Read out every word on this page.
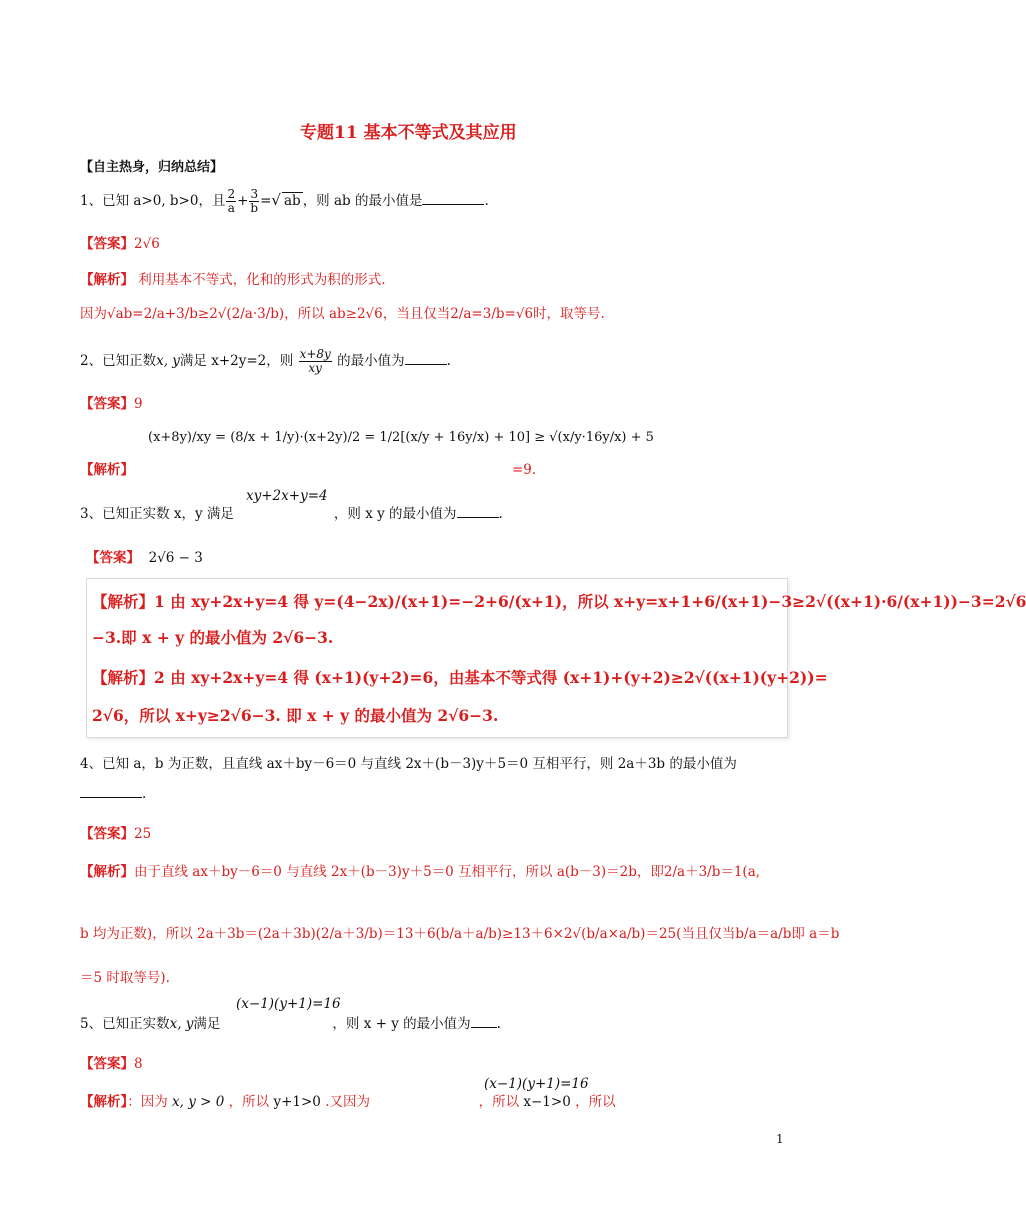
专题11 基本不等式及其应用
【自主热身，归纳总结】
1、已知 a>0, b>0，且 $\frac{2}{a} + \frac{3}{b}$ =√ ab ，则 ab 的最小值是	.
【答案】2√6
【解析】 利用基本不等式，化和的形式为积的形式.
因为√ab=2/a+3/b≥2√(2/a·3/b)，所以 ab≥2√6，当且仅当2/a=3/b=√6时，取等号.
2、已知正数x, y满足 x+2y=2，则 $\frac{x+8y}{xy}$ 的最小值为	.
【答案】9
(x+8y)/xy = (8/x + 1/y)·(x+2y)/2 = 1/2[(x/y + 16y/x) + 10] ≥ √(x/y·16y/x) + 5
【解析】	=9.
xy+2x+y=4
3、已知正实数 x，y 满足	，则 x y 的最小值为	.
【答案】 2√6 − 3
【解析】1 由 xy+2x+y=4 得 y=(4−2x)/(x+1)=−2+6/(x+1)，所以 x+y=x+1+6/(x+1)−3≥2√((x+1)·6/(x+1))−3=2√6
−3.即 x + y 的最小值为 2√6−3.
【解析】2 由 xy+2x+y=4 得 (x+1)(y+2)=6，由基本不等式得 (x+1)+(y+2)≥2√((x+1)(y+2))=
2√6，所以 x+y≥2√6−3. 即 x + y 的最小值为 2√6−3.
4、已知 a，b 为正数，且直线 ax＋by－6＝0 与直线 2x＋(b－3)y＋5＝0 互相平行，则 2a＋3b 的最小值为
.
【答案】25
【解析】由于直线 ax＋by－6＝0 与直线 2x＋(b－3)y＋5＝0 互相平行，所以 a(b－3)＝2b，即2/a＋3/b＝1(a,
b 均为正数)，所以 2a＋3b＝(2a＋3b)(2/a＋3/b)＝13＋6(b/a＋a/b)≥13＋6×2√(b/a×a/b)＝25(当且仅当b/a＝a/b即 a＝b
＝5 时取等号).
(x−1)(y+1)=16
5、已知正实数x, y满足	，则 x + y 的最小值为 .
【答案】8
(x−1)(y+1)=16
【解析】：因为 x, y > 0 ，所以 y+1>0 .又因为	，所以 x−1>0 ，所以
1
